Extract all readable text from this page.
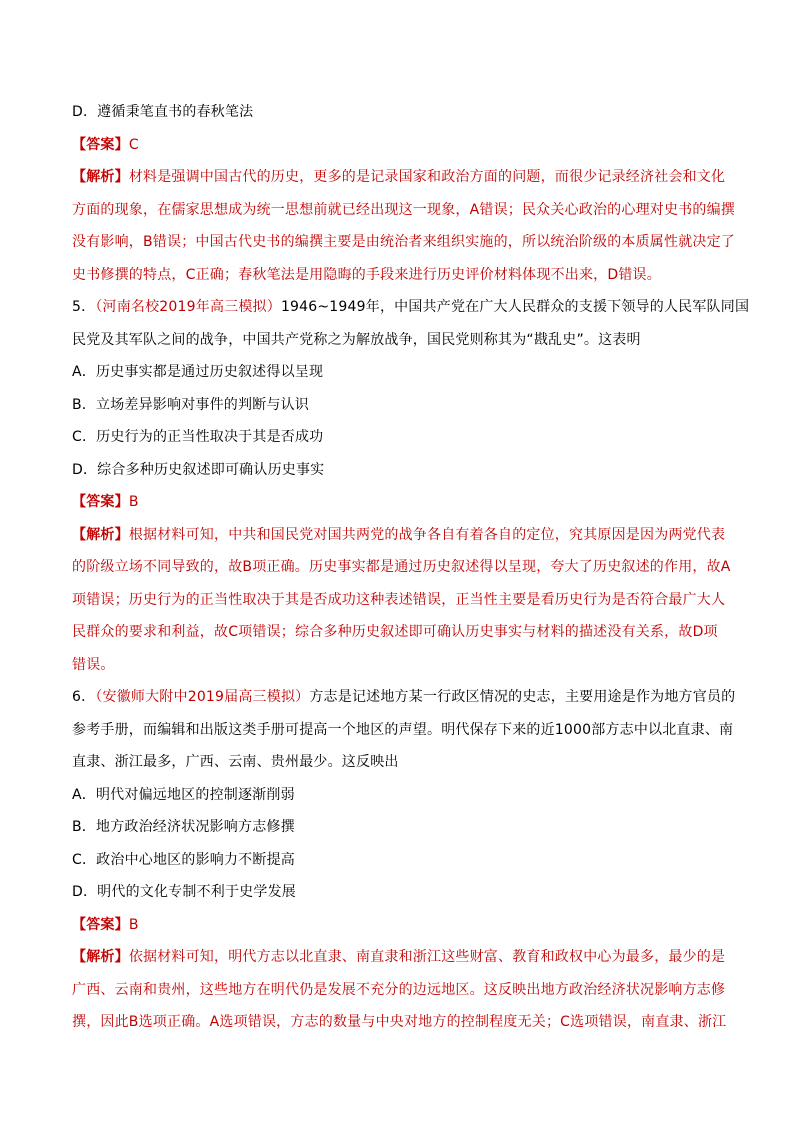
D．遵循秉笔直书的春秋笔法
【答案】C
【解析】材料是强调中国古代的历史，更多的是记录国家和政治方面的问题，而很少记录经济社会和文化
方面的现象，在儒家思想成为统一思想前就已经出现这一现象，A错误；民众关心政治的心理对史书的编撰
没有影响，B错误；中国古代史书的编撰主要是由统治者来组织实施的，所以统治阶级的本质属性就决定了
史书修撰的特点，C正确；春秋笔法是用隐晦的手段来进行历史评价材料体现不出来，D错误。
5．（河南名校2019年高三模拟）1946~1949年，中国共产党在广大人民群众的支援下领导的人民军队同国
民党及其军队之间的战争，中国共产党称之为解放战争，国民党则称其为“戡乱史”。这表明
A．历史事实都是通过历史叙述得以呈现
B．立场差异影响对事件的判断与认识
C．历史行为的正当性取决于其是否成功
D．综合多种历史叙述即可确认历史事实
【答案】B
【解析】根据材料可知，中共和国民党对国共两党的战争各自有着各自的定位，究其原因是因为两党代表
的阶级立场不同导致的，故B项正确。历史事实都是通过历史叙述得以呈现，夸大了历史叙述的作用，故A
项错误；历史行为的正当性取决于其是否成功这种表述错误，正当性主要是看历史行为是否符合最广大人
民群众的要求和利益，故C项错误；综合多种历史叙述即可确认历史事实与材料的描述没有关系，故D项
错误。
6．（安徽师大附中2019届高三模拟）方志是记述地方某一行政区情况的史志，主要用途是作为地方官员的
参考手册，而编辑和出版这类手册可提高一个地区的声望。明代保存下来的近1000部方志中以北直隶、南
直隶、浙江最多，广西、云南、贵州最少。这反映出
A．明代对偏远地区的控制逐渐削弱
B．地方政治经济状况影响方志修撰
C．政治中心地区的影响力不断提高
D．明代的文化专制不利于史学发展
【答案】B
【解析】依据材料可知，明代方志以北直隶、南直隶和浙江这些财富、教育和政权中心为最多，最少的是
广西、云南和贵州，这些地方在明代仍是发展不充分的边远地区。这反映出地方政治经济状况影响方志修
撰，因此B选项正确。A选项错误，方志的数量与中央对地方的控制程度无关；C选项错误，南直隶、浙江
